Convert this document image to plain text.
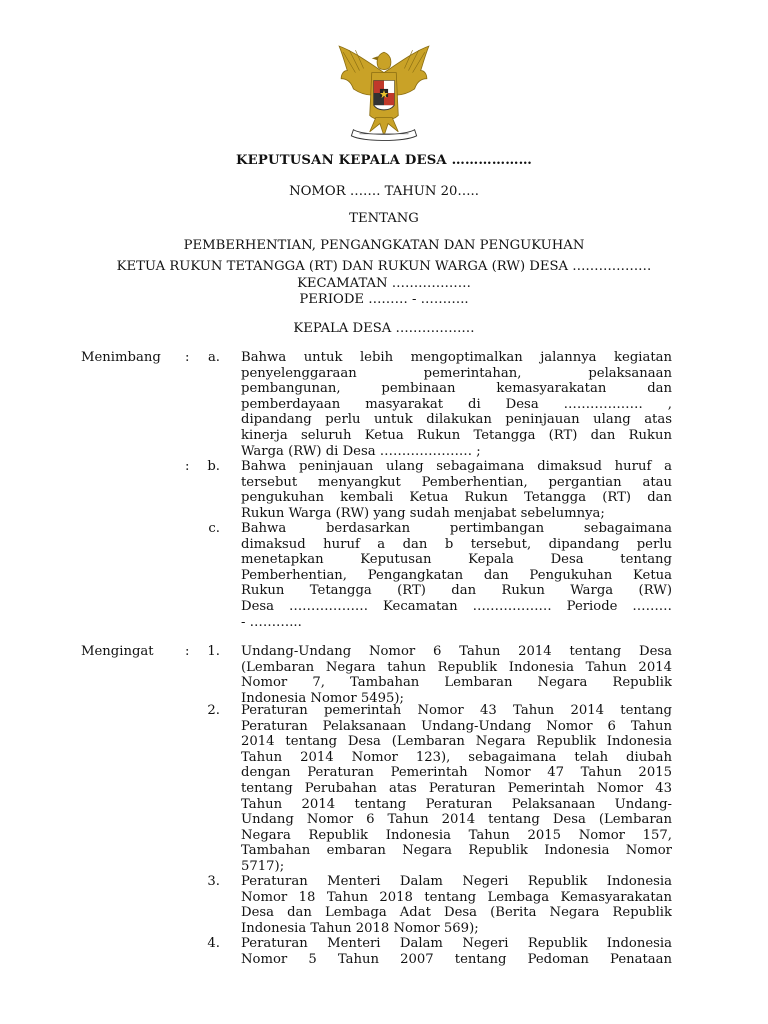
KEPUTUSAN KEPALA DESA ………………
NOMOR ……. TAHUN 20…..
TENTANG
PEMBERHENTIAN, PENGANGKATAN DAN PENGUKUHAN
KETUA RUKUN TETANGGA (RT) DAN RUKUN WARGA (RW) DESA ………………
KECAMATAN ………………
PERIODE ……… - ………..
KEPALA DESA ………………
Menimbang :
:
a. Bahwa untuk lebih mengoptimalkan jalannya kegiatan
penyelenggaraan pemerintahan, pelaksanaan
pembangunan, pembinaan kemasyarakatan dan
pemberdayaan masyarakat di Desa ……………… ,
dipandang perlu untuk dilakukan peninjauan ulang atas
kinerja seluruh Ketua Rukun Tetangga (RT) dan Rukun
Warga (RW) di Desa ………………… ;
b. Bahwa peninjauan ulang sebagaimana dimaksud huruf a
tersebut menyangkut Pemberhentian, pergantian atau
pengukuhan kembali Ketua Rukun Tetangga (RT) dan
Rukun Warga (RW) yang sudah menjabat sebelumnya;
c. Bahwa berdasarkan pertimbangan sebagaimana
dimaksud huruf a dan b tersebut, dipandang perlu
menetapkan Keputusan Kepala Desa tentang
Pemberhentian, Pengangkatan dan Pengukuhan Ketua
Rukun Tetangga (RT) dan Rukun Warga (RW)
Desa ……………… Kecamatan ……………… Periode ………
- ………...
Mengingat :	1. Undang-Undang Nomor 6 Tahun 2014 tentang Desa
(Lembaran Negara tahun Republik Indonesia Tahun 2014
Nomor 7, Tambahan Lembaran Negara Republik
Indonesia Nomor 5495);
2. Peraturan pemerintah Nomor 43 Tahun 2014 tentang
Peraturan Pelaksanaan Undang-Undang Nomor 6 Tahun
2014 tentang Desa (Lembaran Negara Republik Indonesia
Tahun 2014 Nomor 123), sebagaimana telah diubah
dengan Peraturan Pemerintah Nomor 47 Tahun 2015
tentang Perubahan atas Peraturan Pemerintah Nomor 43
Tahun 2014 tentang Peraturan Pelaksanaan Undang-
Undang Nomor 6 Tahun 2014 tentang Desa (Lembaran
Negara Republik Indonesia Tahun 2015 Nomor 157,
Tambahan embaran Negara Republik Indonesia Nomor
5717);
3. Peraturan Menteri Dalam Negeri Republik Indonesia
Nomor 18 Tahun 2018 tentang Lembaga Kemasyarakatan
Desa dan Lembaga Adat Desa (Berita Negara Republik
Indonesia Tahun 2018 Nomor 569);
4. Peraturan Menteri Dalam Negeri Republik Indonesia
Nomor 5 Tahun 2007 tentang Pedoman Penataan
